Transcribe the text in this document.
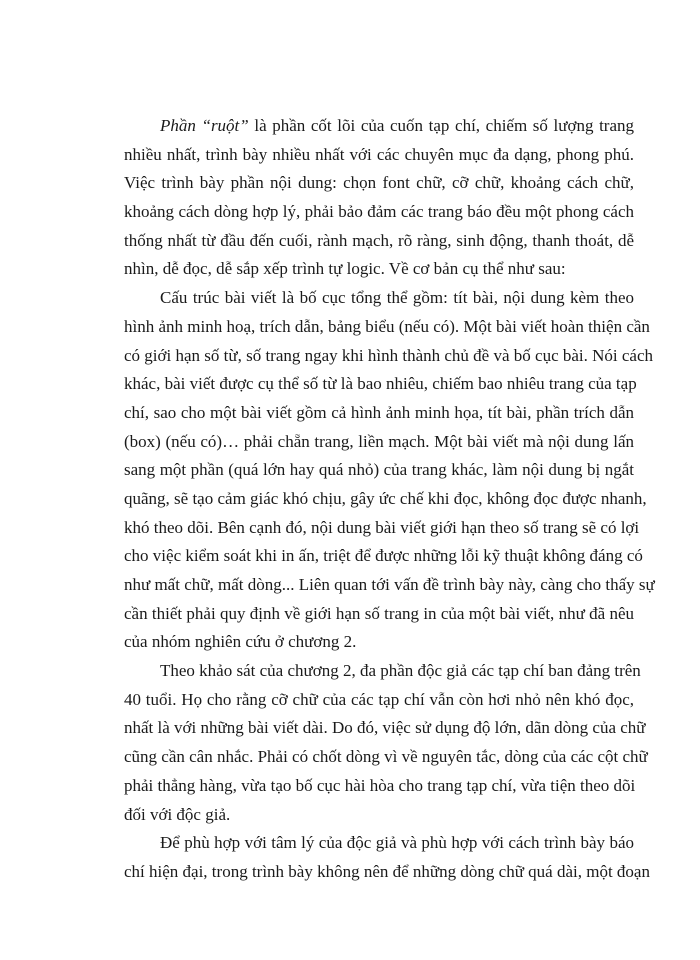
Phần “ruột” là phần cốt lõi của cuốn tạp chí, chiếm số lượng trang
nhiều nhất, trình bày nhiều nhất với các chuyên mục đa dạng, phong phú.
Việc trình bày phần nội dung: chọn font chữ, cỡ chữ, khoảng cách chữ,
khoảng cách dòng hợp lý, phải bảo đảm các trang báo đều một phong cách
thống nhất từ đầu đến cuối, rành mạch, rõ ràng, sinh động, thanh thoát, dễ
nhìn, dễ đọc, dễ sắp xếp trình tự logic. Về cơ bản cụ thể như sau:
Cấu trúc bài viết là bố cục tổng thể gồm: tít bài, nội dung kèm theo
hình ảnh minh hoạ, trích dẫn, bảng biểu (nếu có). Một bài viết hoàn thiện cần
có giới hạn số từ, số trang ngay khi hình thành chủ đề và bố cục bài. Nói cách
khác, bài viết được cụ thể số từ là bao nhiêu, chiếm bao nhiêu trang của tạp
chí, sao cho một bài viết gồm cả hình ảnh minh họa, tít bài, phần trích dẫn
(box) (nếu có)… phải chẵn trang, liền mạch. Một bài viết mà nội dung lấn
sang một phần (quá lớn hay quá nhỏ) của trang khác, làm nội dung bị ngắt
quãng, sẽ tạo cảm giác khó chịu, gây ức chế khi đọc, không đọc được nhanh,
khó theo dõi. Bên cạnh đó, nội dung bài viết giới hạn theo số trang sẽ có lợi
cho việc kiểm soát khi in ấn, triệt để được những lỗi kỹ thuật không đáng có
như mất chữ, mất dòng... Liên quan tới vấn đề trình bày này, càng cho thấy sự
cần thiết phải quy định về giới hạn số trang in của một bài viết, như đã nêu
của nhóm nghiên cứu ở chương 2.
Theo khảo sát của chương 2, đa phần độc giả các tạp chí ban đảng trên
40 tuổi. Họ cho rằng cỡ chữ của các tạp chí vẫn còn hơi nhỏ nên khó đọc,
nhất là với những bài viết dài. Do đó, việc sử dụng độ lớn, dãn dòng của chữ
cũng cần cân nhắc. Phải có chốt dòng vì về nguyên tắc, dòng của các cột chữ
phải thẳng hàng, vừa tạo bố cục hài hòa cho trang tạp chí, vừa tiện theo dõi
đối với độc giả.
Để phù hợp với tâm lý của độc giả và phù hợp với cách trình bày báo
chí hiện đại, trong trình bày không nên để những dòng chữ quá dài, một đoạn
